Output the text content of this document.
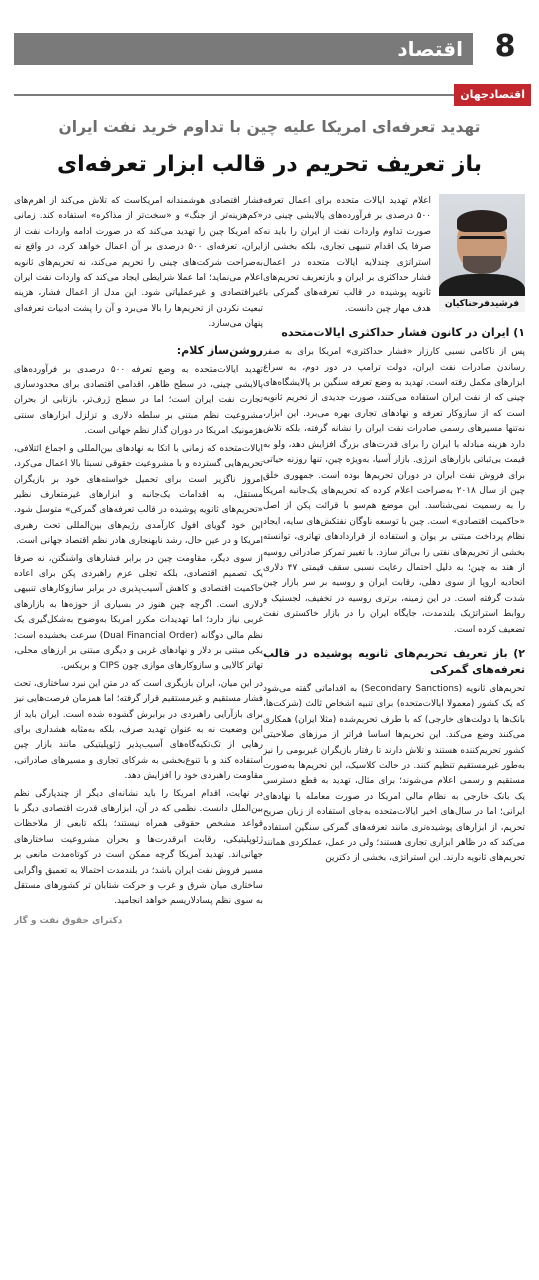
8
اقتصاد
اقتصادجهان
تهدید تعرفه‌ای امریکا علیه چین با تداوم خرید نفت ایران
باز تعریف تحریم در قالب ابزار تعرفه‌ای
فرشیدفرحناکیان

اعلام تهدید ایالات متحده برای اعمال تعرفه ۵۰۰ درصدی بر فرآورده‌های پالایشی چینی در صورت تداوم واردات نفت از ایران را باید نه صرفا یک اقدام تنبیهی تجاری، بلکه بخشی از استراتژی چندلایه ایالات متحده در اعمال فشار حداکثری بر ایران و بازتعریف تحریم‌های ثانویه پوشیده در قالب تعرفه‌های گمرکی با هدف مهار چین دانست.

۱) ایران در کانون فشار حداکثری ایالات‌متحده

پس از ناکامی نسبی کارزار «فشار حداکثری» امریکا برای به صفر رساندن صادرات نفت ایران، دولت ترامپ در دور دوم، به سراغ ابزارهای مکمل رفته است. تهدید به وضع تعرفه سنگین بر پالایشگاه‌های چینی که از نفت ایران استفاده می‌کنند، صورت جدیدی از تحریم ثانویه است که از سازوکار تعرفه و نهادهای تجاری بهره می‌برد. این ابزار، نه‌تنها مسیرهای رسمی صادرات نفت ایران را نشانه گرفته، بلکه تلاش دارد هزینه مبادله با ایران را برای قدرت‌های بزرگ افزایش دهد، ولو به قیمت بی‌ثباتی بازارهای انرژی. بازار آسیا، به‌ویژه چین، تنها روزنه حیاتی برای فروش نفت ایران در دوران تحریم‌ها بوده است. جمهوری خلق چین از سال ۲۰۱۸ به‌صراحت اعلام کرده که تحریم‌های یک‌جانبه امریکا را به رسمیت نمی‌شناسد. این موضع هم‌سو با قرائت پکن از اصل «حاکمیت اقتصادی» است. چین با توسعه ناوگان نفتکش‌های سایه، ایجاد نظام پرداخت مبتنی بر یوان و استفاده از قراردادهای تهاتری، توانسته بخشی از تحریم‌های نفتی را بی‌اثر سازد. با تغییر تمرکز صادراتی روسیه از هند به چین؛ به دلیل احتمال رعایت نسبی سقف قیمتی ۴۷ دلاری اتحادیه اروپا از سوی دهلی، رقابت ایران و روسیه بر سر بازار چین شدت گرفته است. در این زمینه، برتری روسیه در تخفیف، لجستیک و روابط استراتژیک بلندمدت، جایگاه ایران را در بازار خاکستری نفت تضعیف کرده است.

۲) باز تعریف تحریم‌های ثانویه پوشیده در قالب تعرفه‌های گمرکی

تحریم‌های ثانویه (Secondary Sanctions) به اقداماتی گفته می‌شود که یک کشور (معمولا ایالات‌متحده) برای تنبیه اشخاص ثالث (شرکت‌ها، بانک‌ها یا دولت‌های خارجی) که با طرف تحریم‌شده (مثلا ایران) همکاری می‌کنند وضع می‌کند. این تحریم‌ها اساسا فراتر از مرزهای صلاحیتی کشور تحریم‌کننده هستند و تلاش دارند تا رفتار بازیگران غیربومی را نیز به‌طور غیرمستقیم تنظیم کنند. در حالت کلاسیک، این تحریم‌ها به‌صورت مستقیم و رسمی اعلام می‌شوند؛ برای مثال، تهدید به قطع دسترسی یک بانک خارجی به نظام مالی امریکا در صورت معامله با نهادهای ایرانی؛ اما در سال‌های اخیر ایالات‌متحده به‌جای استفاده از زبان صریح تحریم، از ابزارهای پوشیده‌تری مانند تعرفه‌های گمرکی سنگین استفاده می‌کند که در ظاهر ابزاری تجاری هستند؛ ولی در عمل، عملکردی همانند تحریم‌های ثانویه دارند. این استراتژی، بخشی از دکترین

فشار اقتصادی هوشمندانه امریکاست که تلاش می‌کند از اهرم‌های «کم‌هزینه‌تر از جنگ» و «سخت‌تر از مذاکره» استفاده کند. زمانی که امریکا چین را تهدید می‌کند که در صورت ادامه واردات نفت از ایران، تعرفه‌ای ۵۰۰ درصدی بر آن اعمال خواهد کرد، در واقع نه به‌صراحت شرکت‌های چینی را تحریم می‌کند، نه تحریم‌های ثانویه اعلام می‌نماید؛ اما عملا شرایطی ایجاد می‌کند که واردات نفت ایران غیراقتصادی و غیرعملیاتی شود. این مدل از اعمال فشار، هزینه تبعیت نکردن از تحریم‌ها را بالا می‌برد و آن را پشت ادبیات تعرفه‌ای پنهان می‌سازد.

روشن‌ساز کلام:

تهدید ایالات‌متحده به وضع تعرفه ۵۰۰ درصدی بر فرآورده‌های پالایشی چینی، در سطح ظاهر، اقدامی اقتصادی برای محدودسازی تجارت نفت ایران است؛ اما در سطح ژرف‌تر، بازتابی از بحران مشروعیت نظم مبتنی بر سلطه دلاری و تزلزل ابزارهای سنتی هژمونیک امریکا در دوران گذار نظم جهانی است.

ایالات‌متحده که زمانی با اتکا به نهادهای بین‌المللی و اجماع ائتلافی، تحریم‌هایی گسترده و با مشروعیت حقوقی نسبتا بالا اعمال می‌کرد، امروز ناگزیر است برای تحمیل خواسته‌های خود بر بازیگران مستقل، به اقدامات یک‌جانبه و ابزارهای غیرمتعارف نظیر «تحریم‌های ثانویه پوشیده در قالب تعرفه‌های گمرکی» متوسل شود. این خود گویای افول کارآمدی رژیم‌های بین‌المللی تحت رهبری امریکا و در عین حال، رشد نابهنجاری هادر نظم اقتصاد جهانی است.

از سوی دیگر، مقاومت چین در برابر فشارهای واشنگتن، نه صرفا یک تصمیم اقتصادی، بلکه تجلی عزم راهبردی پکن برای اعاده حاکمیت اقتصادی و کاهش آسیب‌پذیری در برابر سازوکارهای تنبیهی دلاری است. اگرچه چین هنوز در بسیاری از حوزه‌ها به بازارهای غربی نیاز دارد؛ اما تهدیدات مکرر امریکا به‌وضوح به‌شکل‌گیری یک نظم مالی دوگانه (Dual Financial Order) سرعت بخشیده است: یکی مبتنی بر دلار و نهادهای غربی و دیگری مبتنی بر ارزهای محلی، تهاتر کالایی و سازوکارهای موازی چون CIPS و بریکس.

در این میان، ایران بازیگری است که در متن این نبرد ساختاری، تحت فشار مستقیم و غیرمستقیم قرار گرفته؛ اما همزمان فرصت‌هایی نیز برای بازآرایی راهبردی در برابرش گشوده شده است. ایران باید از این وضعیت نه به عنوان تهدید صرف، بلکه به‌مثابه هشداری برای رهایی از تک‌تکیه‌گاه‌های آسیب‌پذیر ژئوپلیتیکی مانند بازار چین استفاده کند و با تنوع‌بخشی به شرکای تجاری و مسیرهای صادراتی، مقاومت راهبردی خود را افزایش دهد.

در نهایت، اقدام امریکا را باید نشانه‌ای دیگر از چندپارگی نظم بین‌الملل دانست. نظمی که در آن، ابزارهای قدرت اقتصادی دیگر با قواعد مشخص حقوقی همراه نیستند؛ بلکه تابعی از ملاحظات ژئوپلیتیکی، رقابت ابرقدرت‌ها و بحران مشروعیت ساختارهای جهانی‌اند. تهدید آمریکا گرچه ممکن است در کوتاه‌مدت مانعی بر مسیر فروش نفت ایران باشد؛ در بلندمدت احتمالا به تعمیق واگرایی ساختاری میان شرق و غرب و حرکت شتابان تر کشورهای مستقل به سوی نظم پسادلاریسم خواهد انجامید.

دکترای حقوق نفت و گاز
